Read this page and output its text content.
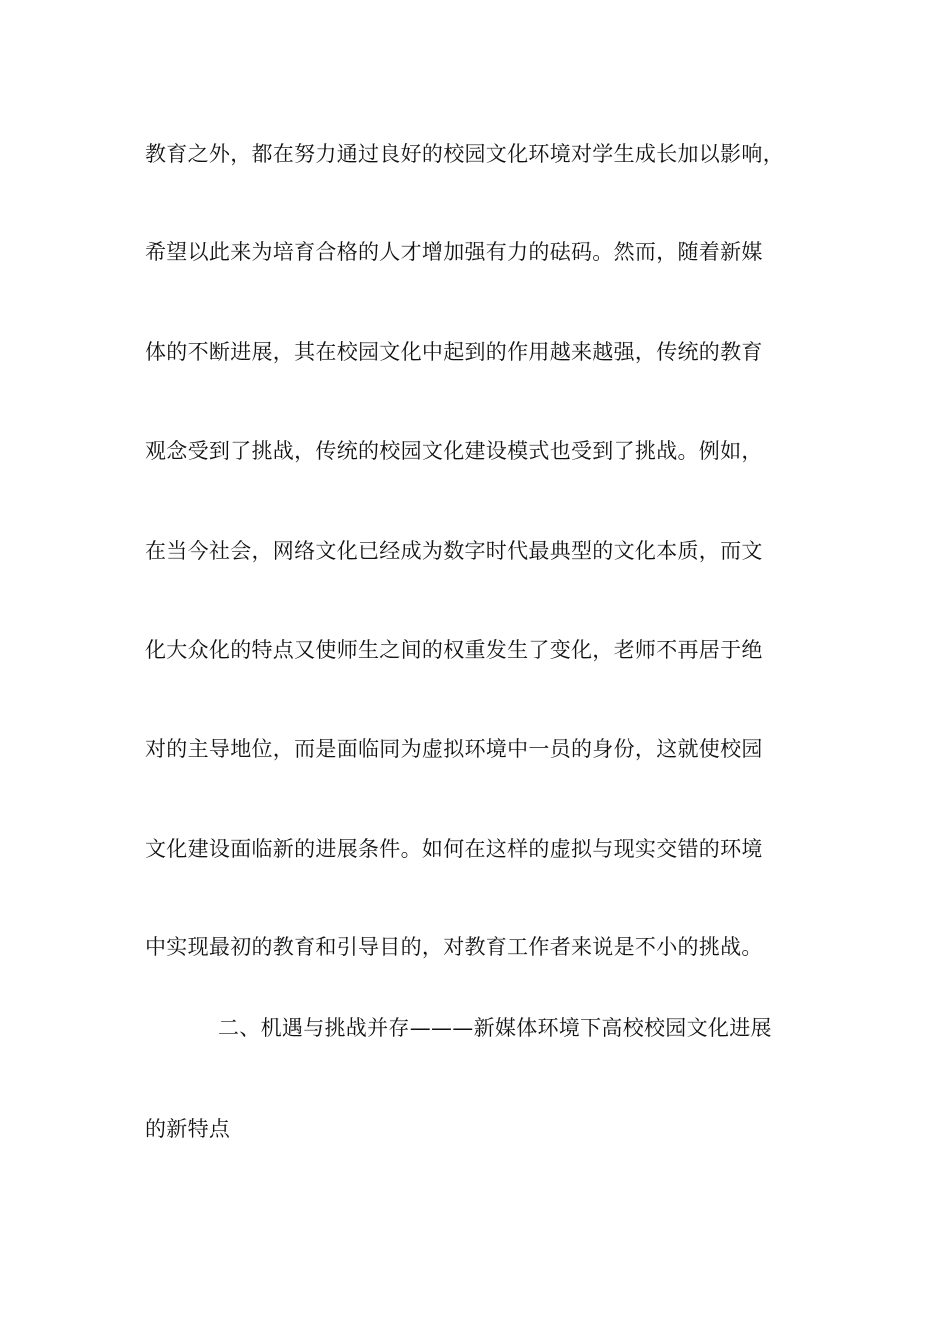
教育之外，都在努力通过良好的校园文化环境对学生成长加以影响，
希望以此来为培育合格的人才增加强有力的砝码。然而，随着新媒
体的不断进展，其在校园文化中起到的作用越来越强，传统的教育
观念受到了挑战，传统的校园文化建设模式也受到了挑战。例如，
在当今社会，网络文化已经成为数字时代最典型的文化本质，而文
化大众化的特点又使师生之间的权重发生了变化，老师不再居于绝
对的主导地位，而是面临同为虚拟环境中一员的身份，这就使校园
文化建设面临新的进展条件。如何在这样的虚拟与现实交错的环境
中实现最初的教育和引导目的，对教育工作者来说是不小的挑战。
二、机遇与挑战并存———新媒体环境下高校校园文化进展
的新特点
